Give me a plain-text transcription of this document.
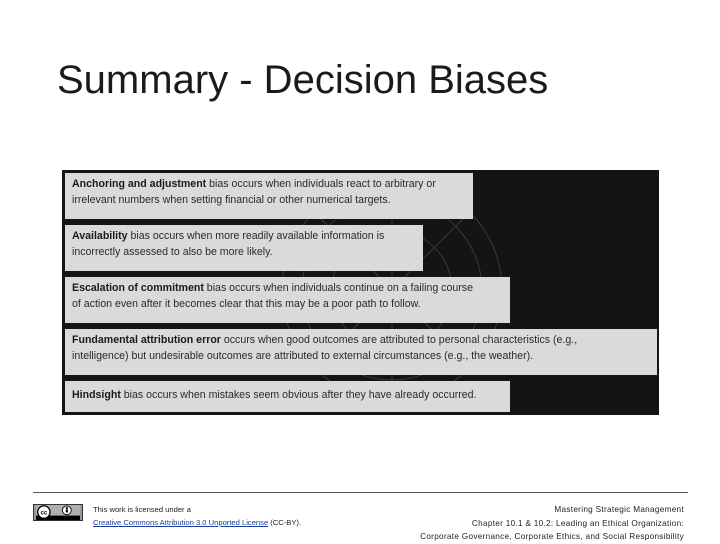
Summary - Decision Biases
Anchoring and adjustment bias occurs when individuals react to arbitrary or
irrelevant numbers when setting financial or other numerical targets.
Availability bias occurs when more readily available information is
incorrectly assessed to also be more likely.
Escalation of commitment bias occurs when individuals continue on a failing course
of action even after it becomes clear that this may be a poor path to follow.
Fundamental attribution error occurs when good outcomes are attributed to personal characteristics (e.g.,
intelligence) but undesirable outcomes are attributed to external circumstances (e.g., the weather).
Hindsight bias occurs when mistakes seem obvious after they have already occurred.
cc	This work is licensed under a
Creative Commons Attribution 3.0 Unported License (CC-BY).
Mastering Strategic Management
Chapter 10.1 & 10.2: Leading an Ethical Organization:
Corporate Governance, Corporate Ethics, and Social Responsibility
